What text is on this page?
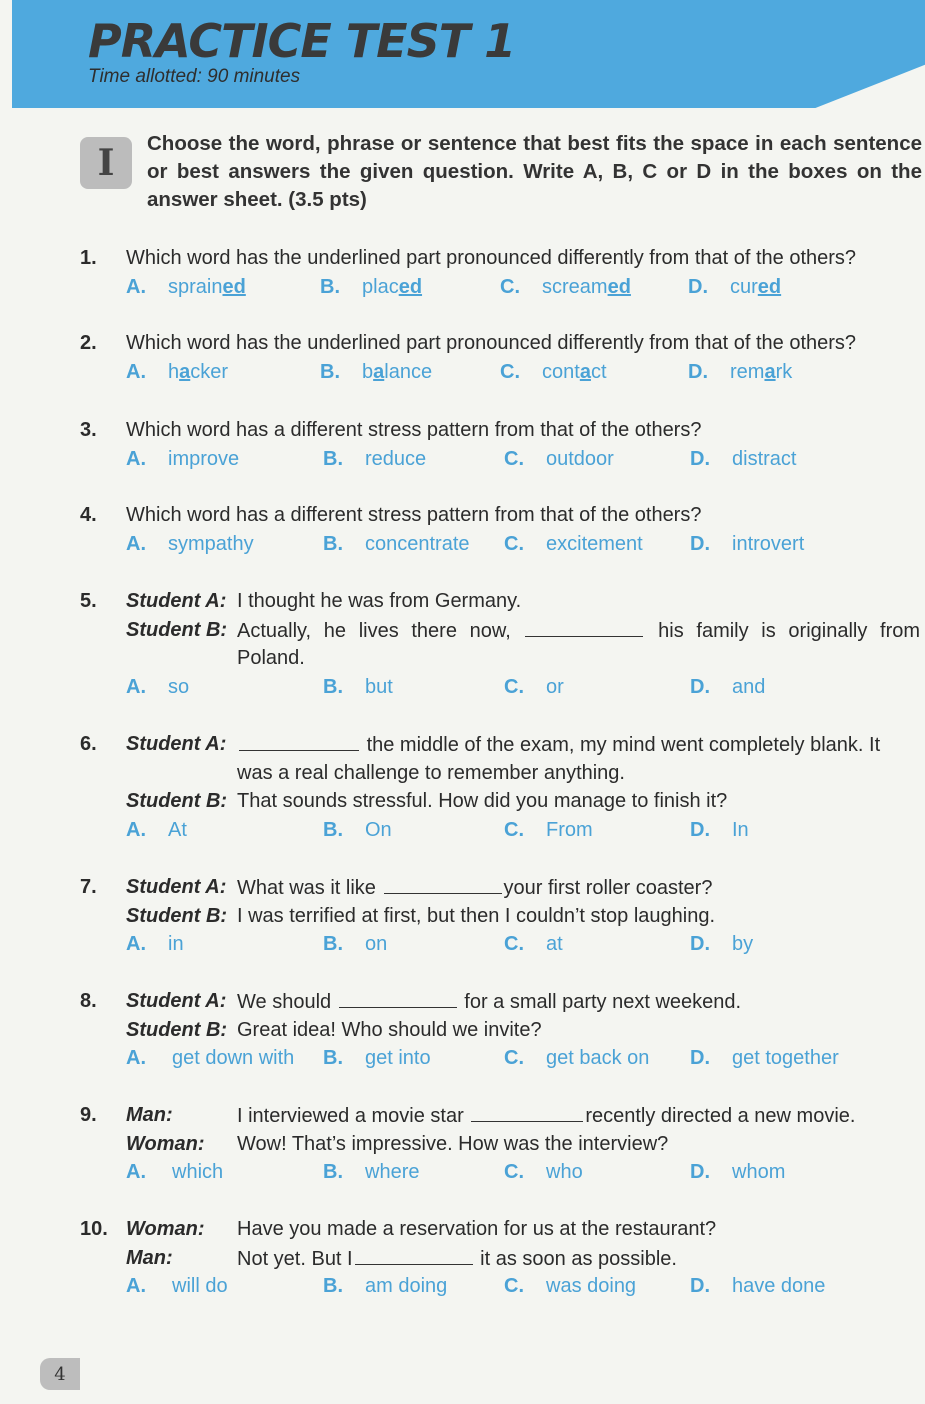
PRACTICE TEST 1

Time allotted: 90 minutes

I	Choose the word, phrase or sentence that best fits the space in each sentence or best answers the given question. Write A, B, C or D in the boxes on the answer sheet. (3.5 pts)

1. Which word has the underlined part pronounced differently from that of the others?
A. sprained	B. placed	C. screamed	D. cured
2. Which word has the underlined part pronounced differently from that of the others?
A. hacker	B. balance	C. contact	D. remark
3. Which word has a different stress pattern from that of the others?
A. improve	B. reduce	C. outdoor	D. distract
4. Which word has a different stress pattern from that of the others?
A. sympathy	B. concentrate C. excitement D. introvert
5. Student A: I thought he was from Germany.
Student B: Actually, he lives there now,	his family is originally from
Poland.
A. so	B. but	C. or	D. and
6. Student A:	the middle of the exam, my mind went completely blank. It
was a real challenge to remember anything.
Student B: That sounds stressful. How did you manage to finish it?
A. At	B. On	C. From	D. In
7. Student A: What was it like	your first roller coaster?
Student B: I was terrified at first, but then I couldn’t stop laughing.
A. in	B. on	C. at	D. by
8. Student A: We should	for a small party next weekend.
Student B: Great idea! Who should we invite?
A. get down with B. get into	C. get back on D. get together
9. Man:	I interviewed a movie star	recently directed a new movie.
Woman: Wow! That’s impressive. How was the interview?
A. which	B. where	C. who	D. whom
10. Woman: Have you made a reservation for us at the restaurant?
Man:	Not yet. But I	it as soon as possible.
A. will do	B. am doing	C. was doing	D. have done
4
